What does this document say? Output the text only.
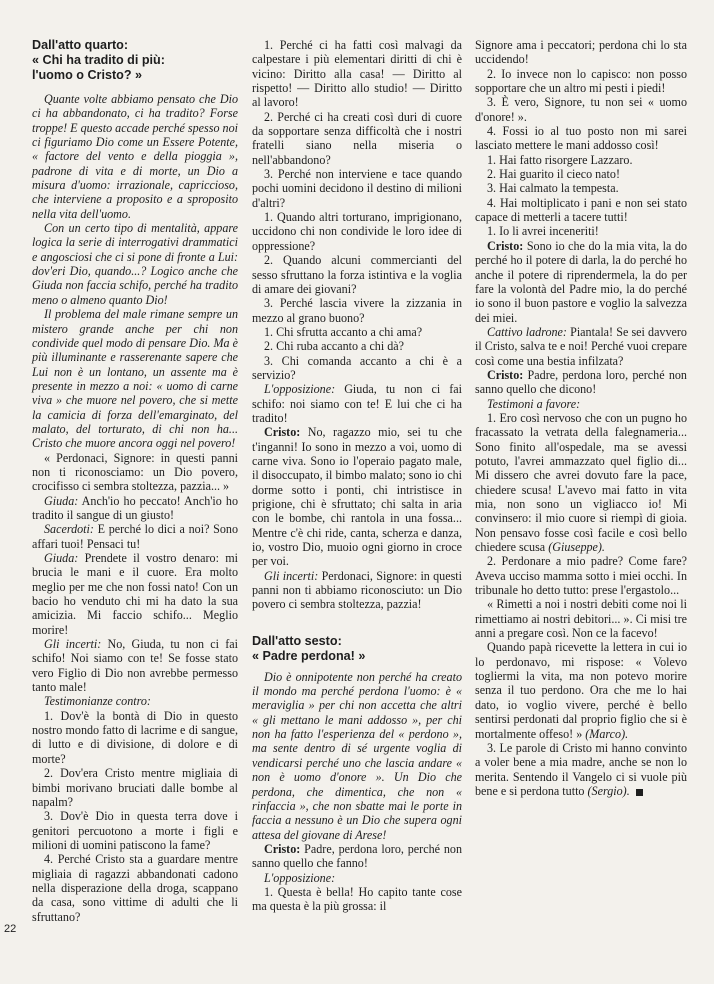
22
Dall'atto quarto:
« Chi ha tradito di più:
l'uomo o Cristo? »

Quante volte abbiamo pensato che Dio ci ha abbandonato, ci ha tradito? Forse troppe! E questo accade perché spesso noi ci figuriamo Dio come un Essere Potente, « factore del vento e della pioggia », padrone di vita e di morte, un Dio a misura d'uomo: irrazionale, capriccioso, che interviene a proposito e a sproposito nella vita dell'uomo.

Con un certo tipo di mentalità, appare logica la serie di interrogativi drammatici e angosciosi che ci si pone di fronte a Lui: dov'eri Dio, quando...? Logico anche che Giuda non faccia schifo, perché ha tradito meno o almeno quanto Dio!

Il problema del male rimane sempre un mistero grande anche per chi non condivide quel modo di pensare Dio. Ma è più illuminante e rasserenante sapere che Lui non è un lontano, un assente ma è presente in mezzo a noi: « uomo di carne viva » che muore nel povero, che si mette la camicia di forza dell'emarginato, del malato, del torturato, di chi non ha... Cristo che muore ancora oggi nel povero!

« Perdonaci, Signore: in questi panni non ti riconosciamo: un Dio povero, crocifisso ci sembra stoltezza, pazzia... »

Giuda: Anch'io ho peccato! Anch'io ho tradito il sangue di un giusto!

Sacerdoti: E perché lo dici a noi? Sono affari tuoi! Pensaci tu!

Giuda: Prendete il vostro denaro: mi brucia le mani e il cuore. Era molto meglio per me che non fossi nato! Con un bacio ho venduto chi mi ha dato la sua amicizia. Mi faccio schifo... Meglio morire!

Gli incerti: No, Giuda, tu non ci fai schifo! Noi siamo con te! Se fosse stato vero Figlio di Dio non avrebbe permesso tanto male!

Testimonianze contro:

1. Dov'è la bontà di Dio in questo nostro mondo fatto di lacrime e di sangue, di lutto e di divisione, di dolore e di morte?

2. Dov'era Cristo mentre migliaia di bimbi morivano bruciati dalle bombe al napalm?

3. Dov'è Dio in questa terra dove i genitori percuotono a morte i figli e milioni di uomini patiscono la fame?

4. Perché Cristo sta a guardare mentre migliaia di ragazzi abbandonati cadono nella disperazione della droga, scappano da casa, sono vittime di adulti che li sfruttano?

1. Perché ci ha fatti così malvagi da calpestare i più elementari diritti di chi è vicino: Diritto alla casa! — Diritto al rispetto! — Diritto allo studio! — Diritto al lavoro!

2. Perché ci ha creati così duri di cuore da sopportare senza difficoltà che i nostri fratelli siano nella miseria o nell'abbandono?

3. Perché non interviene e tace quando pochi uomini decidono il destino di milioni d'altri?

1. Quando altri torturano, imprigionano, uccidono chi non condivide le loro idee di oppressione?

2. Quando alcuni commercianti del sesso sfruttano la forza istintiva e la voglia di amare dei giovani?

3. Perché lascia vivere la zizzania in mezzo al grano buono?

1. Chi sfrutta accanto a chi ama?

2. Chi ruba accanto a chi dà?

3. Chi comanda accanto a chi è a servizio?

L'opposizione: Giuda, tu non ci fai schifo: noi siamo con te! E lui che ci ha tradito!

Cristo: No, ragazzo mio, sei tu che t'inganni! Io sono in mezzo a voi, uomo di carne viva. Sono io l'operaio pagato male, il disoccupato, il bimbo malato; sono io chi dorme sotto i ponti, chi intristisce in prigione, chi è sfruttato; chi salta in aria con le bombe, chi rantola in una fossa... Mentre c'è chi ride, canta, scherza e danza, io, vostro Dio, muoio ogni giorno in croce per voi.

Gli incerti: Perdonaci, Signore: in questi panni non ti abbiamo riconosciuto: un Dio povero ci sembra stoltezza, pazzia!

Dall'atto sesto:
« Padre perdona! »

Dio è onnipotente non perché ha creato il mondo ma perché perdona l'uomo: è « meraviglia » per chi non accetta che altri « gli mettano le mani addosso », per chi non ha fatto l'esperienza del « perdono », ma sente dentro di sé urgente voglia di vendicarsi perché uno che lascia andare « non è uomo d'onore ». Un Dio che perdona, che dimentica, che non « rinfaccia », che non sbatte mai le porte in faccia a nessuno è un Dio che supera ogni attesa del giovane di Arese!

Cristo: Padre, perdona loro, perché non sanno quello che fanno!

L'opposizione:

1. Questa è bella! Ho capito tante cose ma questa è la più grossa: il

Signore ama i peccatori; perdona chi lo sta uccidendo!

2. Io invece non lo capisco: non posso sopportare che un altro mi pesti i piedi!

3. È vero, Signore, tu non sei « uomo d'onore! ».

4. Fossi io al tuo posto non mi sarei lasciato mettere le mani addosso così!

1. Hai fatto risorgere Lazzaro.

2. Hai guarito il cieco nato!

3. Hai calmato la tempesta.

4. Hai moltiplicato i pani e non sei stato capace di metterli a tacere tutti!

1. Io li avrei inceneriti!

Cristo: Sono io che do la mia vita, la do perché ho il potere di darla, la do perché ho anche il potere di riprendermela, la do per fare la volontà del Padre mio, la do perché io sono il buon pastore e voglio la salvezza dei miei.

Cattivo ladrone: Piantala! Se sei davvero il Cristo, salva te e noi! Perché vuoi crepare così come una bestia infilzata?

Cristo: Padre, perdona loro, perché non sanno quello che dicono!

Testimoni a favore:

1. Ero così nervoso che con un pugno ho fracassato la vetrata della falegnameria... Sono finito all'ospedale, ma se avessi potuto, l'avrei ammazzato quel figlio di... Mi dissero che avrei dovuto fare la pace, chiedere scusa! L'avevo mai fatto in vita mia, non sono un vigliacco io! Mi convinsero: il mio cuore si riempì di gioia. Non pensavo fosse così facile e così bello chiedere scusa (Giuseppe).

2. Perdonare a mio padre? Come fare? Aveva ucciso mamma sotto i miei occhi. In tribunale ho detto tutto: prese l'ergastolo...

« Rimetti a noi i nostri debiti come noi li rimettiamo ai nostri debitori... ». Ci misi tre anni a pregare così. Non ce la facevo!

Quando papà ricevette la lettera in cui io lo perdonavo, mi rispose: « Volevo togliermi la vita, ma non potevo morire senza il tuo perdono. Ora che me lo hai dato, io voglio vivere, perché è bello sentirsi perdonati dal proprio figlio che si è mortalmente offeso! » (Marco).

3. Le parole di Cristo mi hanno convinto a voler bene a mia madre, anche se non lo merita. Sentendo il Vangelo ci si vuole più bene e si perdona tutto (Sergio).
